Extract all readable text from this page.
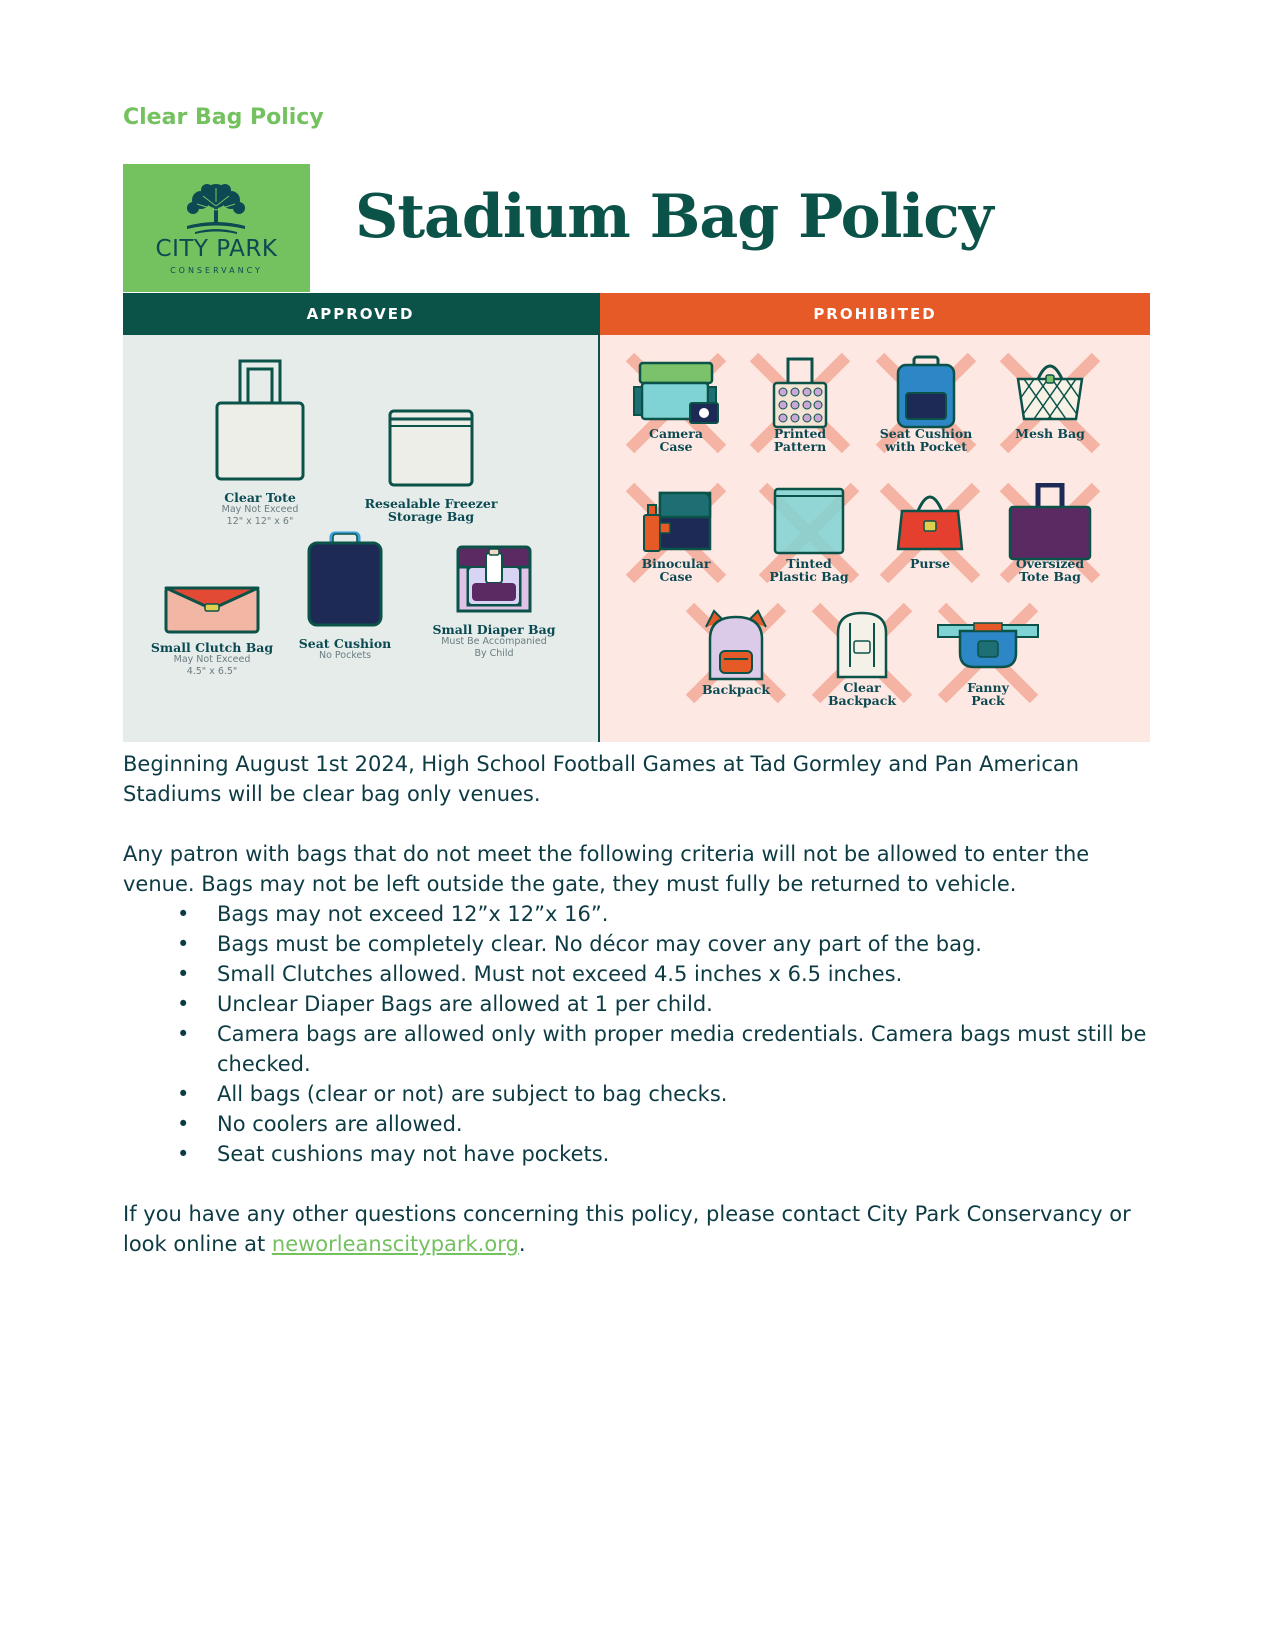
Clear Bag Policy
CITY PARK
CONSERVANCY
Stadium Bag Policy
APPROVED	PROHIBITED
Clear Tote
May Not Exceed
12" x 12" x 6"
Resealable Freezer
Storage Bag
Small Clutch Bag
May Not Exceed
4.5" x 6.5"
Seat Cushion
No Pockets
Small Diaper Bag
Must Be Accompanied
By Child
Camera
Case
Printed
Pattern
Seat Cushion
with Pocket
Mesh Bag
Binocular
Case
Tinted
Plastic Bag
Purse	Oversized
Tote Bag
Backpack	Clear
Backpack
Fanny
Pack

Beginning August 1st 2024, High School Football Games at Tad Gormley and Pan American Stadiums will be clear bag only venues.

Any patron with bags that do not meet the following criteria will not be allowed to enter the venue. Bags may not be left outside the gate, they must fully be returned to vehicle.

• Bags may not exceed 12”x 12”x 16”.
• Bags must be completely clear. No décor may cover any part of the bag.
• Small Clutches allowed. Must not exceed 4.5 inches x 6.5 inches.
• Unclear Diaper Bags are allowed at 1 per child.
• Camera bags are allowed only with proper media credentials. Camera bags must still be checked.
• All bags (clear or not) are subject to bag checks.
• No coolers are allowed.
• Seat cushions may not have pockets.

If you have any other questions concerning this policy, please contact City Park Conservancy or look online at neworleanscitypark.org.
